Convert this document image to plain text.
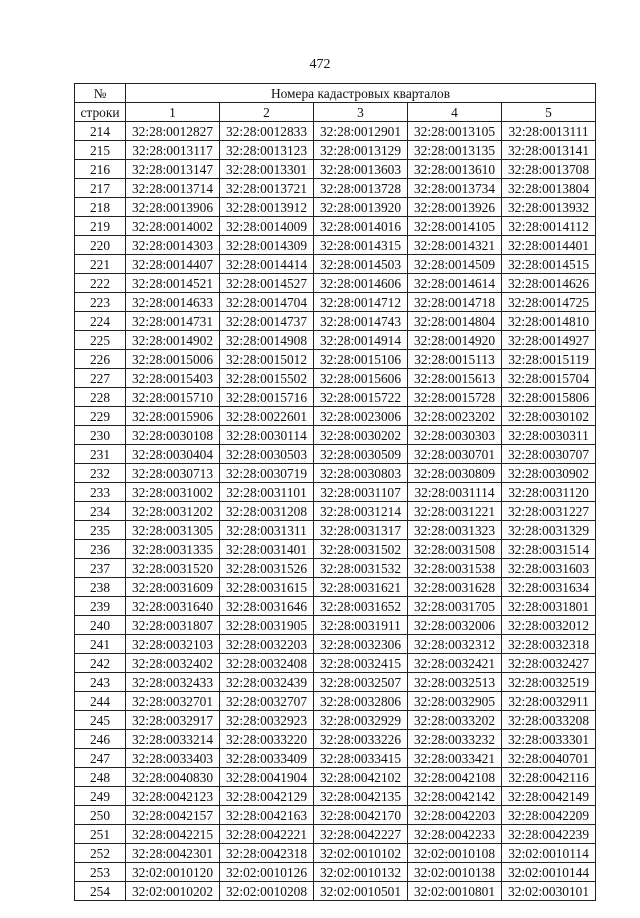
472
№	Номера кадастровых кварталов				
строки	1	2	3	4	5
214	32:28:0012827	32:28:0012833	32:28:0012901	32:28:0013105	32:28:0013111
215	32:28:0013117	32:28:0013123	32:28:0013129	32:28:0013135	32:28:0013141
216	32:28:0013147	32:28:0013301	32:28:0013603	32:28:0013610	32:28:0013708
217	32:28:0013714	32:28:0013721	32:28:0013728	32:28:0013734	32:28:0013804
218	32:28:0013906	32:28:0013912	32:28:0013920	32:28:0013926	32:28:0013932
219	32:28:0014002	32:28:0014009	32:28:0014016	32:28:0014105	32:28:0014112
220	32:28:0014303	32:28:0014309	32:28:0014315	32:28:0014321	32:28:0014401
221	32:28:0014407	32:28:0014414	32:28:0014503	32:28:0014509	32:28:0014515
222	32:28:0014521	32:28:0014527	32:28:0014606	32:28:0014614	32:28:0014626
223	32:28:0014633	32:28:0014704	32:28:0014712	32:28:0014718	32:28:0014725
224	32:28:0014731	32:28:0014737	32:28:0014743	32:28:0014804	32:28:0014810
225	32:28:0014902	32:28:0014908	32:28:0014914	32:28:0014920	32:28:0014927
226	32:28:0015006	32:28:0015012	32:28:0015106	32:28:0015113	32:28:0015119
227	32:28:0015403	32:28:0015502	32:28:0015606	32:28:0015613	32:28:0015704
228	32:28:0015710	32:28:0015716	32:28:0015722	32:28:0015728	32:28:0015806
229	32:28:0015906	32:28:0022601	32:28:0023006	32:28:0023202	32:28:0030102
230	32:28:0030108	32:28:0030114	32:28:0030202	32:28:0030303	32:28:0030311
231	32:28:0030404	32:28:0030503	32:28:0030509	32:28:0030701	32:28:0030707
232	32:28:0030713	32:28:0030719	32:28:0030803	32:28:0030809	32:28:0030902
233	32:28:0031002	32:28:0031101	32:28:0031107	32:28:0031114	32:28:0031120
234	32:28:0031202	32:28:0031208	32:28:0031214	32:28:0031221	32:28:0031227
235	32:28:0031305	32:28:0031311	32:28:0031317	32:28:0031323	32:28:0031329
236	32:28:0031335	32:28:0031401	32:28:0031502	32:28:0031508	32:28:0031514
237	32:28:0031520	32:28:0031526	32:28:0031532	32:28:0031538	32:28:0031603
238	32:28:0031609	32:28:0031615	32:28:0031621	32:28:0031628	32:28:0031634
239	32:28:0031640	32:28:0031646	32:28:0031652	32:28:0031705	32:28:0031801
240	32:28:0031807	32:28:0031905	32:28:0031911	32:28:0032006	32:28:0032012
241	32:28:0032103	32:28:0032203	32:28:0032306	32:28:0032312	32:28:0032318
242	32:28:0032402	32:28:0032408	32:28:0032415	32:28:0032421	32:28:0032427
243	32:28:0032433	32:28:0032439	32:28:0032507	32:28:0032513	32:28:0032519
244	32:28:0032701	32:28:0032707	32:28:0032806	32:28:0032905	32:28:0032911
245	32:28:0032917	32:28:0032923	32:28:0032929	32:28:0033202	32:28:0033208
246	32:28:0033214	32:28:0033220	32:28:0033226	32:28:0033232	32:28:0033301
247	32:28:0033403	32:28:0033409	32:28:0033415	32:28:0033421	32:28:0040701
248	32:28:0040830	32:28:0041904	32:28:0042102	32:28:0042108	32:28:0042116
249	32:28:0042123	32:28:0042129	32:28:0042135	32:28:0042142	32:28:0042149
250	32:28:0042157	32:28:0042163	32:28:0042170	32:28:0042203	32:28:0042209
251	32:28:0042215	32:28:0042221	32:28:0042227	32:28:0042233	32:28:0042239
252	32:28:0042301	32:28:0042318	32:02:0010102	32:02:0010108	32:02:0010114
253	32:02:0010120	32:02:0010126	32:02:0010132	32:02:0010138	32:02:0010144
254	32:02:0010202	32:02:0010208	32:02:0010501	32:02:0010801	32:02:0030101
